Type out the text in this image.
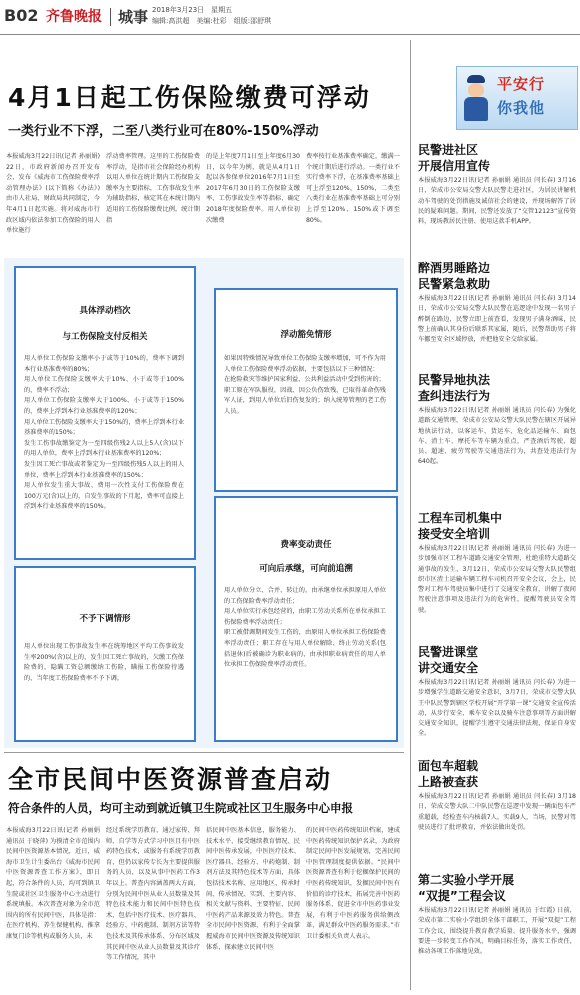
B02 齐鲁晚报 城事 2018年3月23日　星期五
编辑:高洪超　美编:杜彩　组版:邵舒琪
平安行
你我他
4月1日起工伤保险缴费可浮动
一类行业不下浮，二至八类行业可在80%-150%浮动
本报威海3月22日讯(记者 孙丽娟) 22日，市政府新闻办召开发布会，发布《威海市工伤保险费率浮动管理办法》(以下简称《办法》)由市人社局、财政局共同制定，今年4月1日起实施。将对威海市行政区域内依法参加工伤保险的用人单位施行
浮动费率管理。这里的工伤保险费率浮动，是指市社会保险经办机构以用人单位在统计期内工伤保险支缴率为主要指标，工伤事故发生率为辅助指标，核定其在本统计期内适用的工伤保险缴费比例。统计期指
的是上年度7月1日至上年度6月30日，以今年为例，就是从4月1日起以各参保单位2016年7月1日至2017年6月30日的工伤保险支缴率、工伤事故发生率等指标，确定2018年度保险费率。用人单位初次缴费
费率按行业基准费率确定，缴满一个统计期后进行浮动。一类行业不实行费率下浮，在基准费率基础上可上浮至120%、150%，二类至八类行业在基准费率基础上可分别上浮至120%、150%或下调至80%。
具体浮动档次
与工伤保险支付反相关
用人单位工伤保险支缴率小于或等于10%的，费率下调到本行业基准费率的80%；
用人单位工伤保险支缴率大于10%、小于或等于100%的，费率不浮动；
用人单位工伤保险支缴率大于100%、小于或等于150%的，费率上浮到本行业基准费率的120%；
用人单位工伤保险支缴率大于150%的，费率上浮到本行业基准费率的150%；
发生工伤事故缴鉴定为一至四级伤残2人以上5人(含)以下的用人单位，费率上浮到本行业基准费率的120%；
发生因工死亡事故或者鉴定为一至四级伤残5人以上的用人单位，费率上浮到本行业基准费率的150%；
用人单位发生重大事故、费用一次性支付工伤保险费在100万元(含)以上的，自发生事故的下月起，费率可直接上浮到本行业基准费率的150%。
不予下调情形
用人单位出现工伤事故发生率在统筹地区平均工伤事故发生率200%(含)以上的，发生因工死亡事故的，欠缴工伤保险费的，隐瞒工资总额缴纳工伤险，瞒报工伤保险待遇的，当年度工伤保险费率不予下调。
浮动豁免情形
如果因特殊情况导致单位工伤保险支缴率增加，可不作为用人单位工伤保险费率浮动依据，主要包括以下三种情况：
在抢险救灾等维护国家利益、公共利益活动中受到伤害的；
职工原在军队服役，因战、因公负伤致残，已取得革命伤残军人证，到用人单位后旧伤复发的；纳入统筹管理的老工伤人员。
费率变动责任
可向后承继，可向前追溯
用人单位分立、合并、转让的，由承继单位承担原用人单位的工伤保险费率浮动责任；
用人单位实行承包经营的，由职工劳动关系所在单位承担工伤保险费率浮动责任；
职工被借调期间发生工伤的，由原用人单位承担工伤保险费率浮动责任；职工存在与用人单位解除、终止劳动关系(包括退休)后被确诊为职业病的，由承担职业病责任的用人单位承担工伤保险费率浮动责任。
全市民间中医资源普查启动
符合条件的人员，均可主动到就近镇卫生院或社区卫生服务中心申报
本报威海3月22日讯(记者 孙丽娟 通讯员 于晓萍) 为摸清全市范围内民间中医资源基本情况，近日，威海市卫生计生委出台《威海市民间中医资源普查工作方案》，即日起，符合条件的人员，均可到镇卫生院或社区卫生服务中心主动进行系统填报。本次普查对象为全市范围内的所有民间中医，具体是指：在医疗机构、养生保健机构、推拿康复门诊等机构或服务人员，未
经过系统学历教育，通过家传、拜师、自学等方式学习中医且有中医药特色技术，或服务有系统学历教育，但仍以家传专长为主要提供服务的人员，以及从事中医药工作3年以上。普查内容涵盖两大方面，分别为民间中医从业人员数量及其特色技术能力和民间中医特色技术，包括中医疗技术、医疗器具、经验方、中药炮制、制剂方法等特色技术及其传承体系、分布区域及其民间中医从业人员数量及其诊疗等工作情况，其中
括民间中医基本信息，服务能力、技术水平、接受继续教育情况、民间中医传承发展，中医医疗技术、医疗器具、经验方、中药炮制、制剂方法及其特色技术等方面，具体包括技术名称、应用地区、传承时间、传承情况、实到、主要内容、相关文献与资料、主要特征、民间中医药产品来源及效力特色。普查全市民间中医资源，有利于全面掌握威海市民间中医资源及传统知识体系，探索建立民间中医
的民间中医药传统知识档案，建成中医药传统知识保护名录，为政府制定民间中医发展规划，完善民间中医管理制度提供依据。“民间中医资源普查有利于挖掘保护民间的中医药传统知识，发掘民间中医有价值的诊疗技术，拓展完善中医药服务体系，促进全市中医药事业发展，有利于中医药服务供给侧改革，满足群众中医药服务需求。”市卫计委相关负责人表示。
民警进社区
开展信用宣传
本报威海3月22日讯(记者 孙丽娟 通讯员 闫长春) 3月16日，荣成市公安局交警大队民警走进社区，为居民讲解机动车驾驶的处罚措施及诚信社会的建设，并现场解答了居民的疑难问题。期间，民警还发放了“交管12123”宣传资料，现场教居民注册、使用这款手机APP。
醉酒男睡路边
民警紧急救助
本报威海3月22日讯(记者 孙丽娟 通讯员 闫长春) 3月14日，荣成市公安局交警大队民警在巡逻途中发现一名男子醉倒在路边，民警立即上前查看，发现男子满身酒味，民警上前确认其身份后联系其家属，随后，民警帮助男子将车挪至安全区域停放，并把他安全交给家属。
民警异地执法
查纠违法行为
本报威海3月22日讯(记者 孙丽娟 通讯员 闫长春) 为强化道路交通管理，荣成市公安局交警大队民警在辖区开展异地执法行动，以客运车、货运车、危化品运输车、面包车、渣土车、摩托车等车辆为重点，严查酒后驾驶、超员、超速、疲劳驾驶等交通违法行为，共查处违法行为640起。
工程车司机集中
接受安全培训
本报威海3月22日讯(记者 孙丽娟 通讯员 闫长春) 为进一步加强市区工程车道路交通安全管理，杜绝重特大道路交通事故的发生，3月12日，荣成市公安局交警大队民警组织市区渣土运输车辆工程车司机召开安全会议，会上，民警对工程车驾驶员集中进行了交通安全教育，讲解了夜间驾驶注意事项及违法行为的危害性，提醒驾驶员安全驾驶。
民警进课堂
讲交通安全
本报威海3月22日讯(记者 孙丽娟 通讯员 闫长春) 为进一步增强学生道路交通安全意识，3月7日，荣成市交警大队王中队民警到辖区学校开展“开学第一课”交通安全宣传活动，从步行安全、乘车安全以及骑车注意事项等方面讲解交通安全知识，提醒学生遵守交通法律法规，保证自身安全。
面包车超载
上路被查获
本报威海3月22日讯(记者 孙丽娟 通讯员 闫长春) 3月18日，荣成交警大队二中队民警在巡逻中发现一辆面包车严重超载，经检查车内核载7人，实载9人，当场，民警对驾驶员进行了批评教育，并依法做出处罚。
第二实验小学开展
“双提”工程会议
本报威海3月22日讯(记者 孙丽娟 通讯员 于红霞) 日前，荣成市第二实验小学组织全体干部职工，开展“双提”工程工作会议，围绕提升教育教学质量、提升服务水平，强调要进一步转变工作作风，明确目标任务，落实工作责任，推动各项工作落地见效。
